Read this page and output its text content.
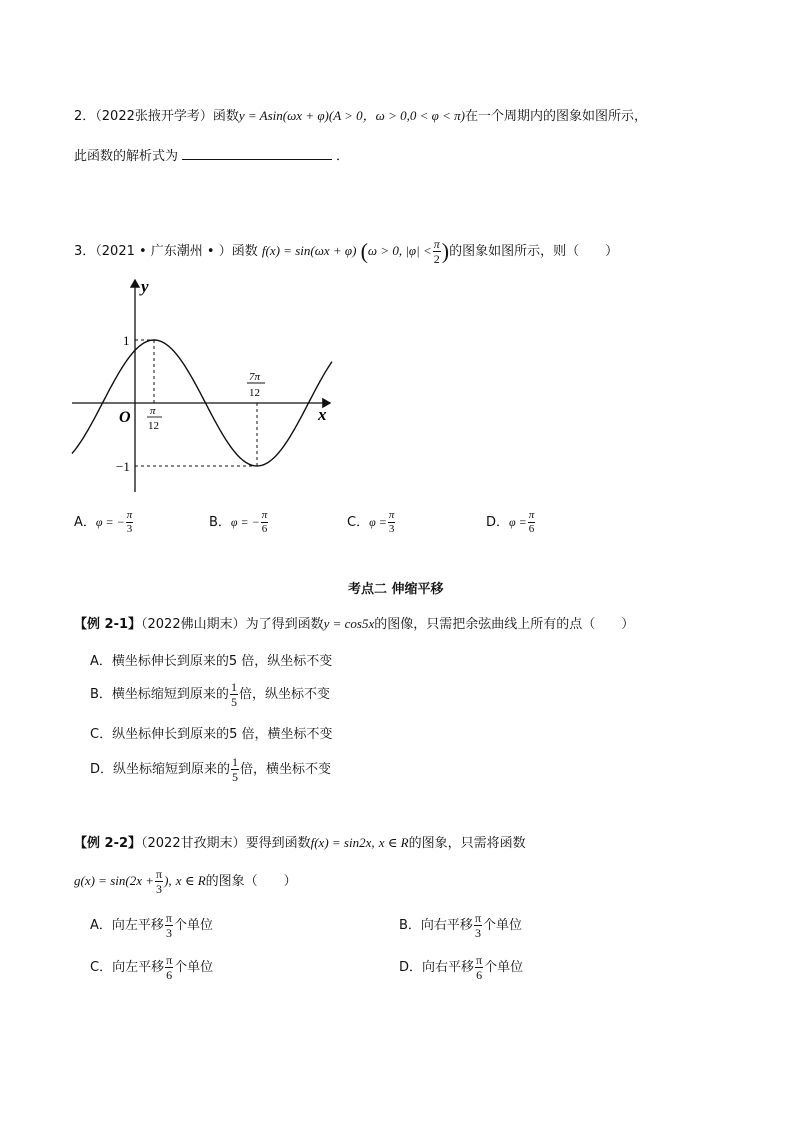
2．（2022张掖开学考）函数y = Asin(ωx + φ)(A > 0，ω > 0,0 < φ < π)在一个周期内的图象如图所示，
此函数的解析式为	．
3．（2021 • 广东潮州 • ）函数 f(x) = sin(ωx + φ) (ω > 0, $|\varphi| < \frac{\pi}{2}$ )的图象如图所示，则（　　）
y
x
O
1
−1
π
12
7π
12
A．φ = − $\frac{\pi}{3}$	B．φ = − $\frac{\pi}{6}$	C．$\varphi = \frac{\pi}{3}$	D．$\varphi = \frac{\pi}{6}$
考点二 伸缩平移
【例 2-1】（2022佛山期末）为了得到函数y = cos5x的图像，只需把余弦曲线上所有的点（　　）
A．横坐标伸长到原来的5 倍，纵坐标不变
B．横坐标缩短到原来的 $\frac{1}{5}$ 倍，纵坐标不变
C．纵坐标伸长到原来的5 倍，横坐标不变
D．纵坐标缩短到原来的 $\frac{1}{5}$ 倍，横坐标不变
【例 2-2】（2022甘孜期末）要得到函数f(x) = sin2x, x ∈ R的图象，只需将函数
$g(x) = \sin(2x + \frac{\pi}{3}$ ), x ∈ R的图象（　　）
A．向左平移 $\frac{\pi}{3}$ 个单位	B．向右平移 $\frac{\pi}{3}$ 个单位
C．向左平移 $\frac{\pi}{6}$ 个单位	D．向右平移 $\frac{\pi}{6}$ 个单位
